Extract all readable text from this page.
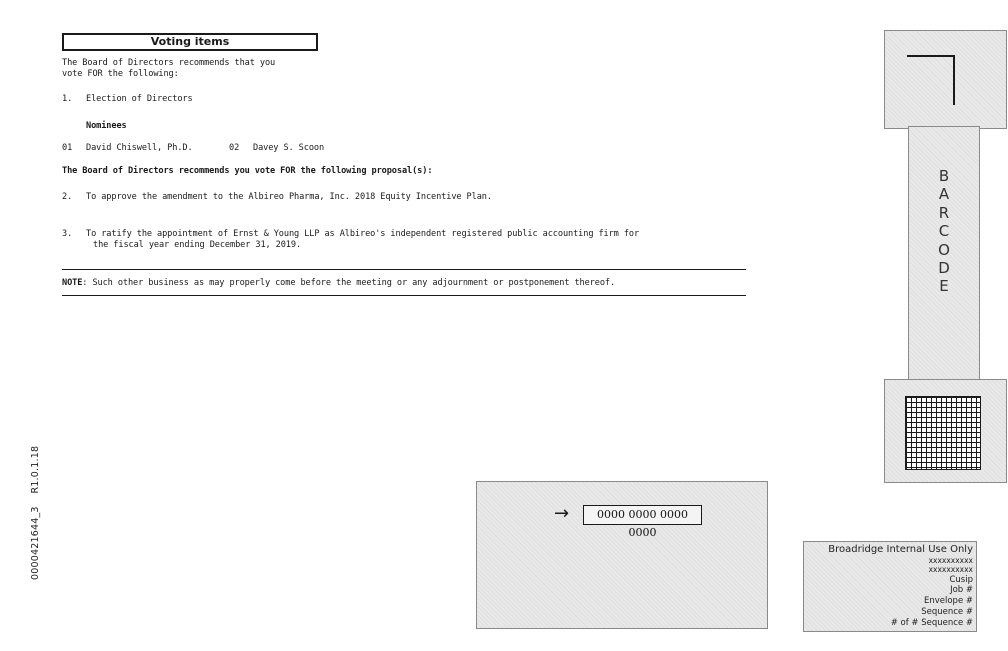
Voting items
The Board of Directors recommends that you
vote FOR the following:
1. Election of Directors
Nominees
01 David Chiswell, Ph.D.	02 Davey S. Scoon
The Board of Directors recommends you vote FOR the following proposal(s):
2. To approve the amendment to the Albireo Pharma, Inc. 2018 Equity Incentive Plan.
3. To ratify the appointment of Ernst & Young LLP as Albireo's independent registered public accounting firm for
the fiscal year ending December 31, 2019.
NOTE: Such other business as may properly come before the meeting or any adjournment or postponement thereof.
B
A
R
C
O
D
E
→	0000 0000 0000 0000
Broadridge Internal Use Only
xxxxxxxxxx
xxxxxxxxxx
Cusip
Job #
Envelope #
Sequence #
# of # Sequence #
0000421644_3    R1.0.1.18
